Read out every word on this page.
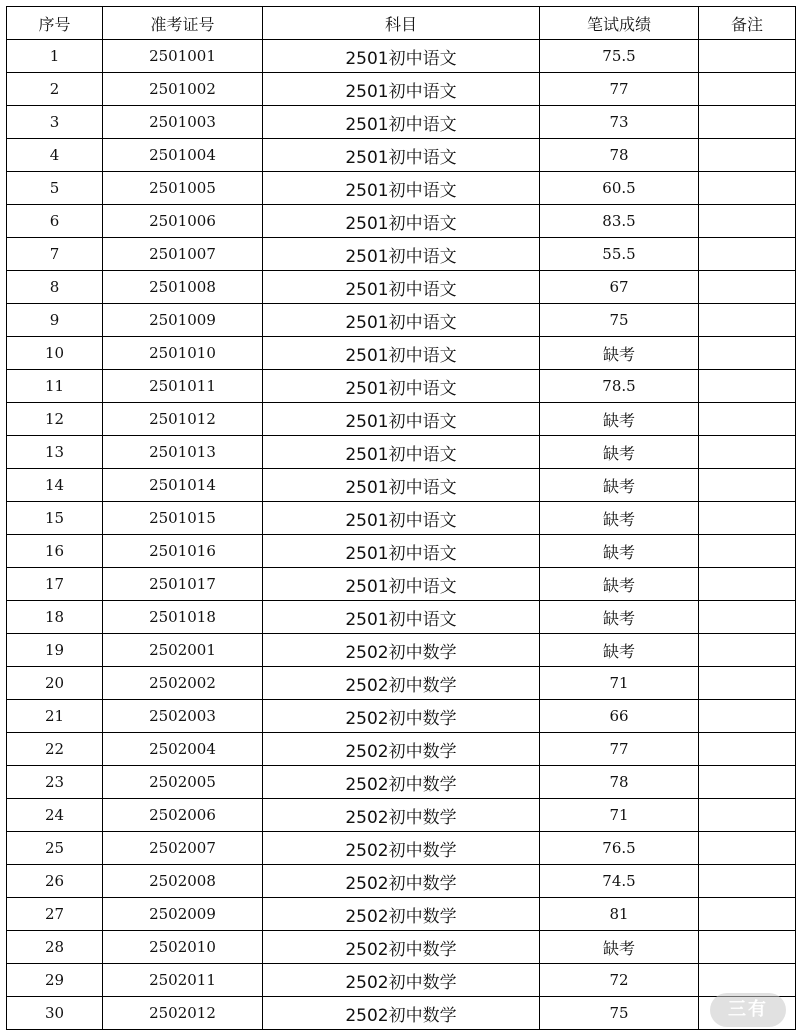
序号	准考证号	科目	笔试成绩	备注
1	2501001	2501初中语文	75.5	
2	2501002	2501初中语文	77	
3	2501003	2501初中语文	73	
4	2501004	2501初中语文	78	
5	2501005	2501初中语文	60.5	
6	2501006	2501初中语文	83.5	
7	2501007	2501初中语文	55.5	
8	2501008	2501初中语文	67	
9	2501009	2501初中语文	75	
10	2501010	2501初中语文	缺考	
11	2501011	2501初中语文	78.5	
12	2501012	2501初中语文	缺考	
13	2501013	2501初中语文	缺考	
14	2501014	2501初中语文	缺考	
15	2501015	2501初中语文	缺考	
16	2501016	2501初中语文	缺考	
17	2501017	2501初中语文	缺考	
18	2501018	2501初中语文	缺考	
19	2502001	2502初中数学	缺考	
20	2502002	2502初中数学	71	
21	2502003	2502初中数学	66	
22	2502004	2502初中数学	77	
23	2502005	2502初中数学	78	
24	2502006	2502初中数学	71	
25	2502007	2502初中数学	76.5	
26	2502008	2502初中数学	74.5	
27	2502009	2502初中数学	81	
28	2502010	2502初中数学	缺考	
29	2502011	2502初中数学	72	
30	2502012	2502初中数学	75		三有
